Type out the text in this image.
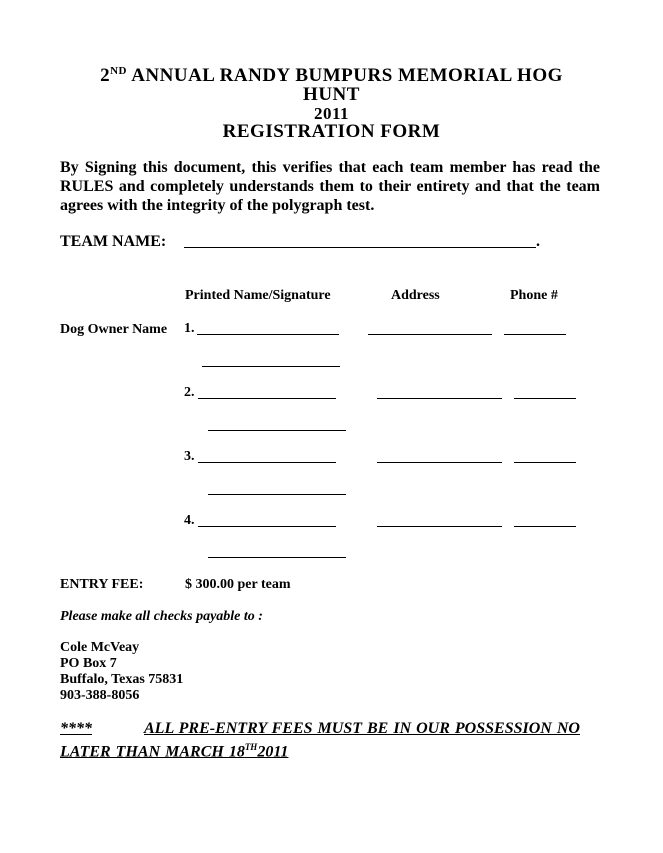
2ND ANNUAL RANDY BUMPURS MEMORIAL HOG
HUNT
2011
REGISTRATION FORM
By Signing this document, this verifies that each team member has read the RULES and completely understands them to their entirety and that the team agrees with the integrity of the polygraph test.
TEAM NAME:	.
Printed Name/Signature	Address	Phone #
Dog Owner Name 1.
2.
3.
4.
ENTRY FEE:	$ 300.00 per team
Please make all checks payable to :
Cole McVeay
PO Box 7
Buffalo, Texas 75831
903-388-8056
****	ALL PRE-ENTRY FEES MUST BE IN OUR POSSESSION NO LATER THAN MARCH 18TH2011
